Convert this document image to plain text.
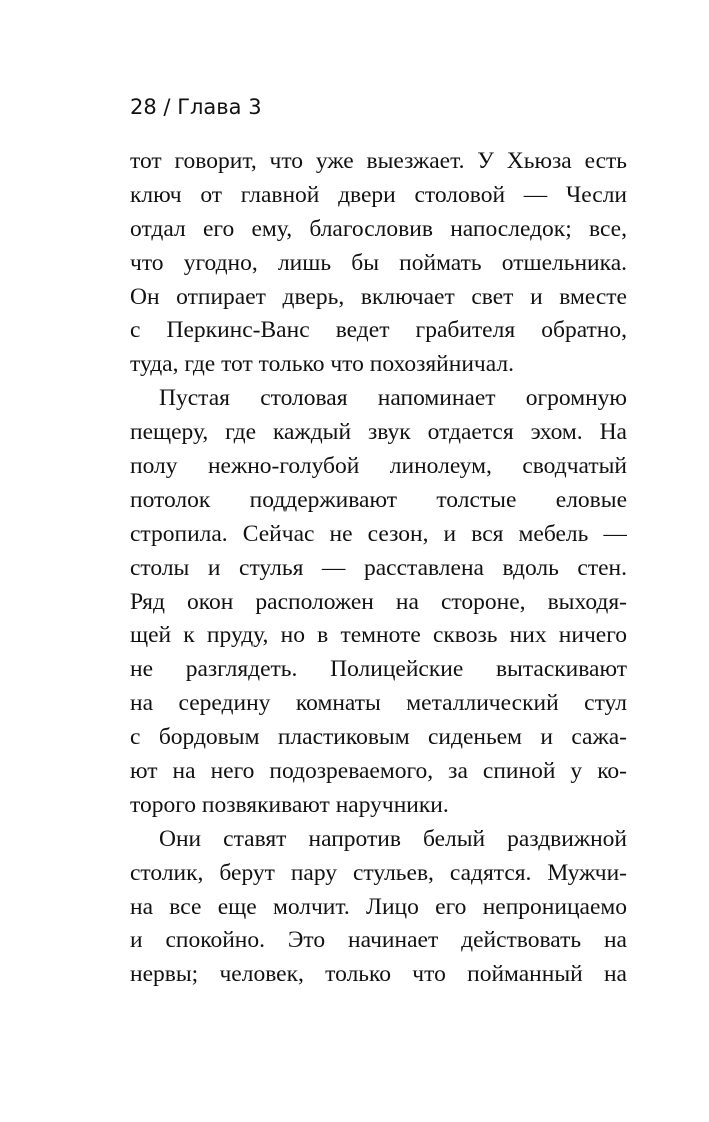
28 / Глава 3
тот говорит, что уже выезжает. У Хьюза есть
ключ от главной двери столовой — Чесли
отдал его ему, благословив напоследок; все,
что угодно, лишь бы поймать отшельника.
Он отпирает дверь, включает свет и вместе
с Перкинс-Ванс ведет грабителя обратно,
туда, где тот только что похозяйничал.
Пустая столовая напоминает огромную
пещеру, где каждый звук отдается эхом. На
полу нежно-голубой линолеум, сводчатый
потолок поддерживают толстые еловые
стропила. Сейчас не сезон, и вся мебель —
столы и стулья — расставлена вдоль стен.
Ряд окон расположен на стороне, выходя-
щей к пруду, но в темноте сквозь них ничего
не разглядеть. Полицейские вытаскивают
на середину комнаты металлический стул
с бордовым пластиковым сиденьем и сажа-
ют на него подозреваемого, за спиной у ко-
торого позвякивают наручники.
Они ставят напротив белый раздвижной
столик, берут пару стульев, садятся. Мужчи-
на все еще молчит. Лицо его непроницаемо
и спокойно. Это начинает действовать на
нервы; человек, только что пойманный на
